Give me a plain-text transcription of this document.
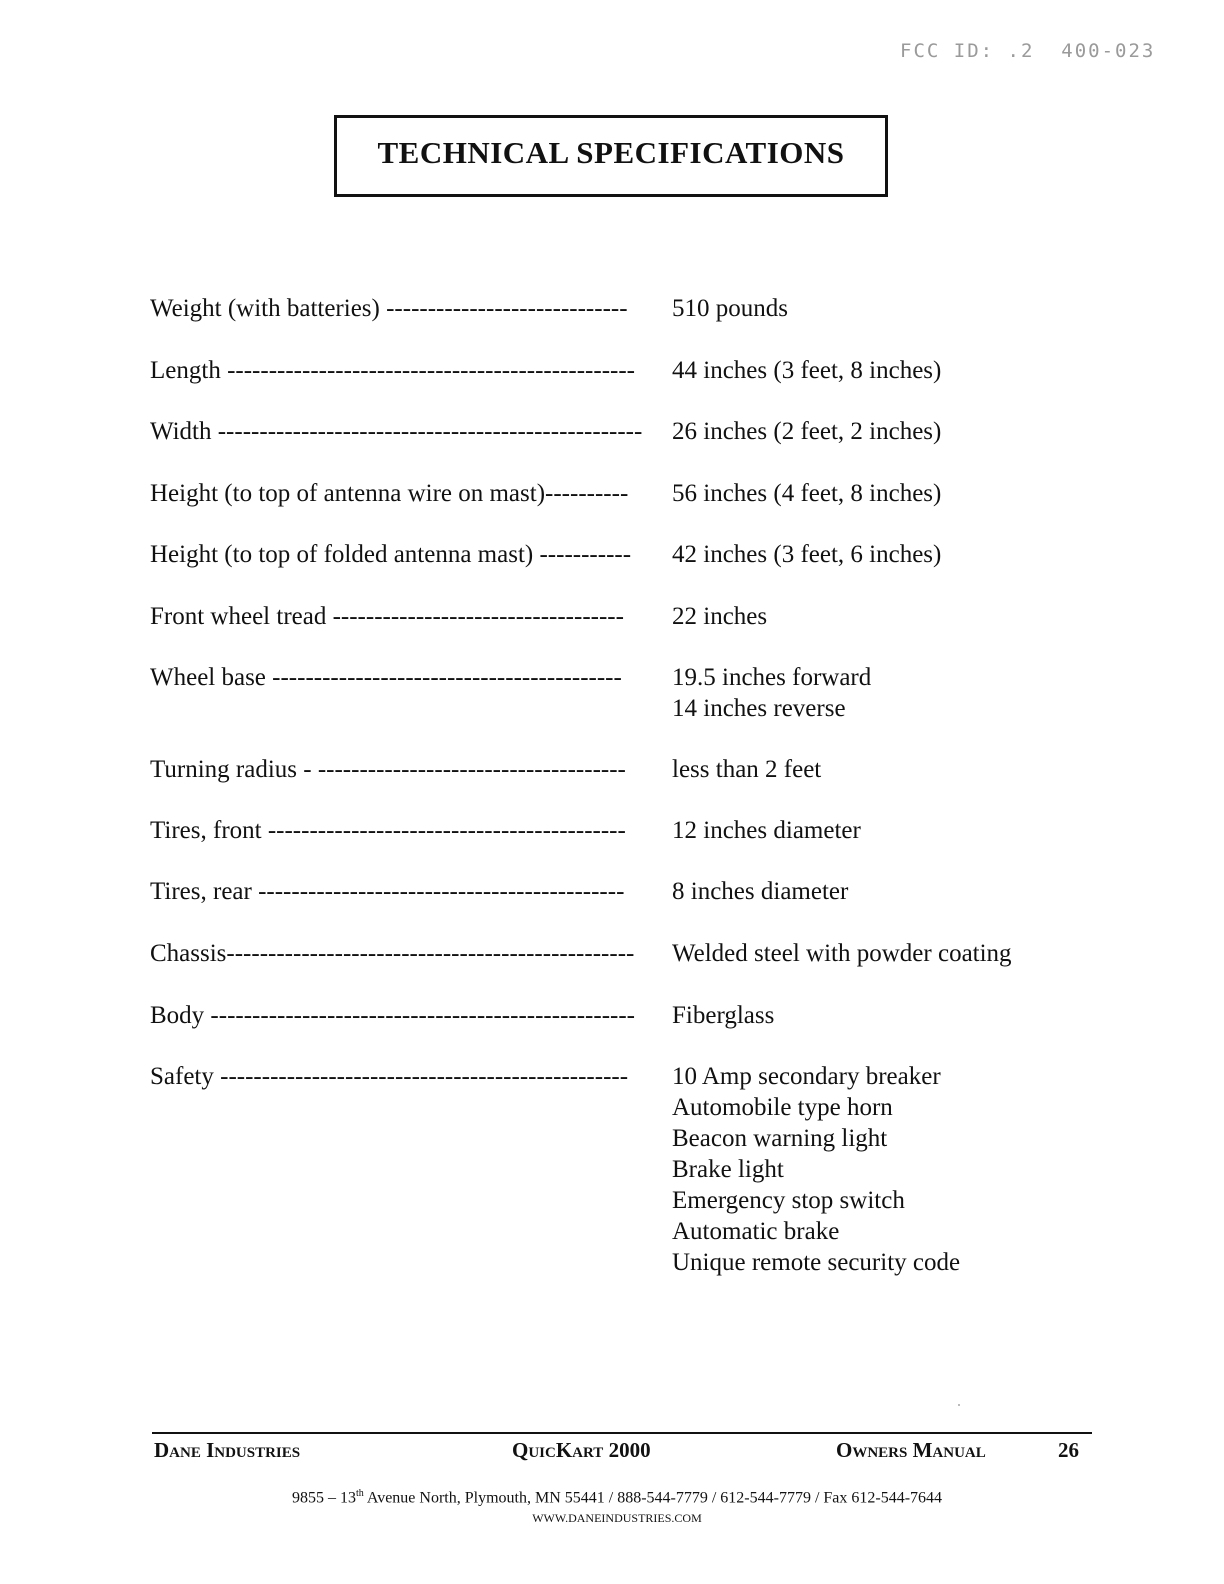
FCC ID: .2  400-023
TECHNICAL SPECIFICATIONS
Weight (with batteries) -----------------------------	510 pounds
Length -------------------------------------------------	44 inches (3 feet, 8 inches)
Width ---------------------------------------------------	26 inches (2 feet, 2 inches)
Height (to top of antenna wire on mast)----------	56 inches (4 feet, 8 inches)
Height (to top of folded antenna mast) -----------	42 inches (3 feet, 6 inches)
Front wheel tread -----------------------------------	22 inches
Wheel base ------------------------------------------	19.5 inches forward
14 inches reverse
Turning radius - -------------------------------------	less than 2 feet
Tires, front -------------------------------------------	12 inches diameter
Tires, rear --------------------------------------------	8 inches diameter
Chassis-------------------------------------------------	Welded steel with powder coating
Body ---------------------------------------------------	Fiberglass
Safety -------------------------------------------------	10 Amp secondary breaker
Automobile type horn
Beacon warning light
Brake light
Emergency stop switch
Automatic brake
Unique remote security code
Dane Industries	QuicKart 2000	Owners Manual	26
9855 – 13th Avenue North, Plymouth, MN 55441 / 888-544-7779 / 612-544-7779 / Fax 612-544-7644
WWW.DANEINDUSTRIES.COM
